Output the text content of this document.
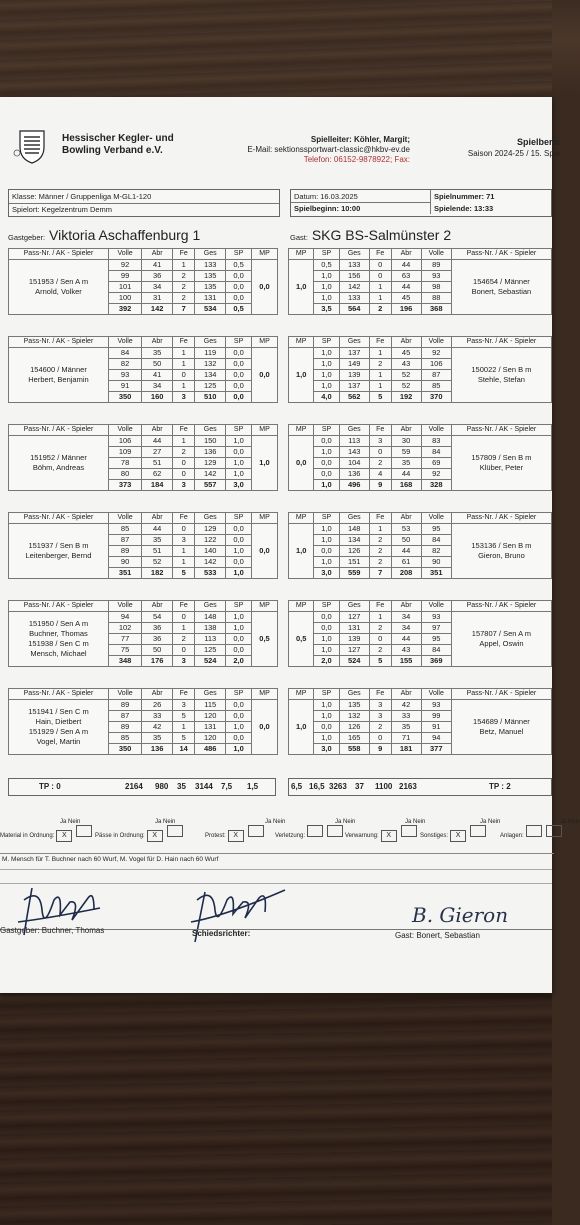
Hessischer Kegler- und
Bowling Verband e.V.
Spielleiter: Köhler, Margit;
E-Mail: sektionssportwart-classic@hkbv-ev.de
Telefon: 06152-9878922; Fax:
Spielberic
Saison 2024-25 / 15. Spie
Klasse: Männer / Gruppenliga M-GL1-120
Spielort: Kegelzentrum Demm
Datum: 16.03.2025
Spielbeginn: 10:00
Spielnummer: 71
Spielende: 13:33
Gastgeber: Viktoria Aschaffenburg 1	Gast: SKG BS-Salmünster 2
Pass-Nr. / AK - Spieler	Volle	Abr	Fe	Ges	SP	MP

151953 / Sen A m
Arnold, Volker	92	41	1	133	0,5	0,0
	99	36	2	135	0,0	
	101	34	2	135	0,0	
	100	31	2	131	0,0	
	392	142	7	534	0,5	
MP	SP	Ges	Fe	Abr	Volle	Pass-Nr. / AK - Spieler
1,0	0,5	133	0	44	89	154654 / Männer
Bonert, Sebastian

	1,0	156	0	63	93	
	1,0	142	1	44	98	
	1,0	133	1	45	88	
	3,5	564	2	196	368	
Pass-Nr. / AK - Spieler	Volle	Abr	Fe	Ges	SP	MP

154600 / Männer
Herbert, Benjamin	84	35	1	119	0,0	0,0
	82	50	1	132	0,0	
	93	41	0	134	0,0	
	91	34	1	125	0,0	
	350	160	3	510	0,0	
MP	SP	Ges	Fe	Abr	Volle	Pass-Nr. / AK - Spieler
1,0	1,0	137	1	45	92	150022 / Sen B m
Stehle, Stefan

	1,0	149	2	43	106	
	1,0	139	1	52	87	
	1,0	137	1	52	85	
	4,0	562	5	192	370	
Pass-Nr. / AK - Spieler	Volle	Abr	Fe	Ges	SP	MP

151952 / Männer
Böhm, Andreas	106	44	1	150	1,0	1,0
	109	27	2	136	0,0	
	78	51	0	129	1,0	
	80	62	0	142	1,0	
	373	184	3	557	3,0	
MP	SP	Ges	Fe	Abr	Volle	Pass-Nr. / AK - Spieler
0,0	0,0	113	3	30	83	157809 / Sen B m
Klüber, Peter

	1,0	143	0	59	84	
	0,0	104	2	35	69	
	0,0	136	4	44	92	
	1,0	496	9	168	328	
Pass-Nr. / AK - Spieler	Volle	Abr	Fe	Ges	SP	MP

151937 / Sen B m
Leitenberger, Bernd	85	44	0	129	0,0	0,0
	87	35	3	122	0,0	
	89	51	1	140	1,0	
	90	52	1	142	0,0	
	351	182	5	533	1,0	
MP	SP	Ges	Fe	Abr	Volle	Pass-Nr. / AK - Spieler
1,0	1,0	148	1	53	95	153136 / Sen B m
Gieron, Bruno

	1,0	134	2	50	84	
	0,0	126	2	44	82	
	1,0	151	2	61	90	
	3,0	559	7	208	351	
Pass-Nr. / AK - Spieler	Volle	Abr	Fe	Ges	SP	MP

151950 / Sen A m
Buchner, Thomas
151938 / Sen C m
Mensch, Michael	94	54	0	148	1,0	0,5
	102	36	1	138	1,0	
	77	36	2	113	0,0	
	75	50	0	125	0,0	
	348	176	3	524	2,0	
MP	SP	Ges	Fe	Abr	Volle	Pass-Nr. / AK - Spieler
0,5	0,0	127	1	34	93	157807 / Sen A m
Appel, Oswin

	0,0	131	2	34	97	
	1,0	139	0	44	95	
	1,0	127	2	43	84	
	2,0	524	5	155	369	
Pass-Nr. / AK - Spieler	Volle	Abr	Fe	Ges	SP	MP

151941 / Sen C m
Hain, Dietbert
151929 / Sen A m
Vogel, Martin	89	26	3	115	0,0	0,0
	87	33	5	120	0,0	
	89	42	1	131	1,0	
	85	35	5	120	0,0	
	350	136	14	486	1,0	
MP	SP	Ges	Fe	Abr	Volle	Pass-Nr. / AK - Spieler
1,0	1,0	135	3	42	93	154689 / Männer
Betz, Manuel

	1,0	132	3	33	99	
	0,0	126	2	35	91	
	1,0	165	0	71	94	
	3,0	558	9	181	377	
TP : 0	2164 980 35 3144 7,5 1,5	6,5 16,5 3263 37 1100 2163	TP : 2
Ja Nein
Material in Ordnung: X
Ja Nein
Pässe in Ordnung: X
Ja Nein
Protest: X
Ja Nein
Verletzung:
Ja Nein
Verwarnung: X
Ja Nein
Sonstiges: X
Ja Nein
Anlagen:
M. Mensch für T. Buchner nach 60 Wurf, M. Vogel für D. Hain nach 60 Wurf
B. Gieron
Gastgeber: Buchner, Thomas	Schiedsrichter:	Gast: Bonert, Sebastian
